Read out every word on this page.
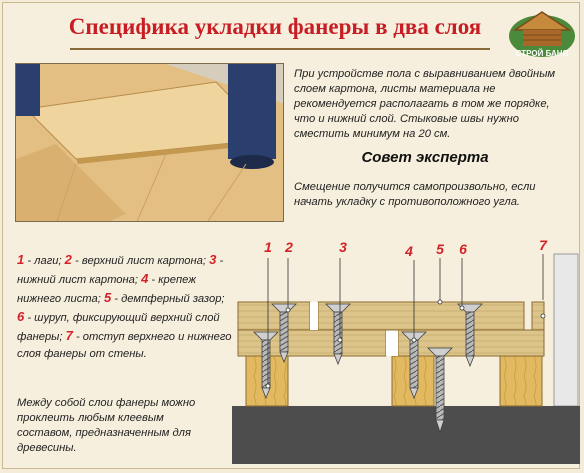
Специфика укладки фанеры в два слоя
СТРОЙ БАНЯ
При устройстве пола с выравниванием двойным слоем картона, листы материала не рекомендуется располагать в том же порядке, что и нижний слой. Стыковые швы нужно сместить минимум на 20 см.
Совет эксперта
Смещение получится самопроизвольно, если начать укладку с противоположного угла.
1 - лаги; 2 - верхний лист картона; 3 - нижний лист картона; 4 - крепеж нижнего листа; 5 - демпферный зазор; 6 - шуруп, фиксирующий верхний слой фанеры; 7 - отступ верхнего и нижнего слоя фанеры от стены.
Между собой слои фанеры можно проклеить любым клеевым составом, предназначенным для древесины.
1 2	3	4 5 6	7
